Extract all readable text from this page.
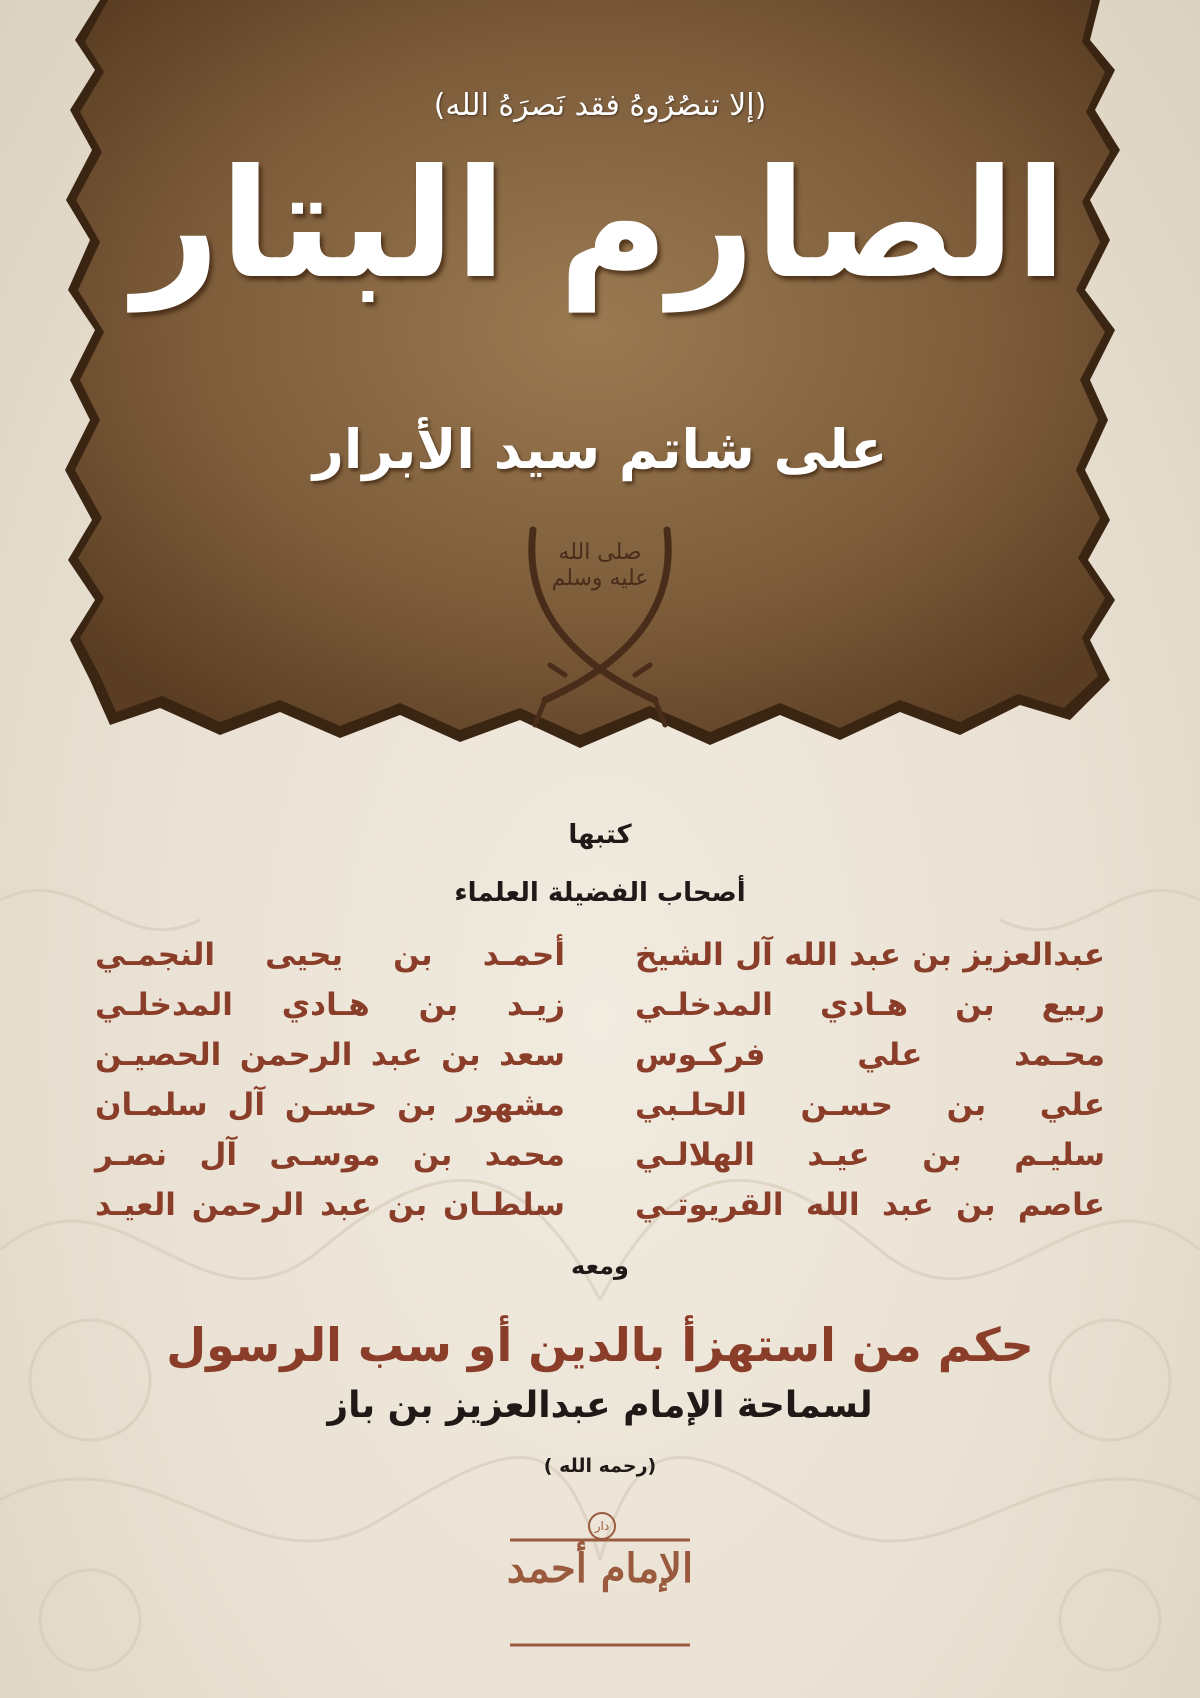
(إلا تنصُرُوهُ فقد نَصرَهُ الله)
الصارم البتار
على شاتم سيد الأبرار
صلى الله عليه وسلم
كتبها
أصحاب الفضيلة العلماء
عبدالعزيز بن عبد الله آل الشيخ
ربيع بن هـادي المدخلـي
محـمد علي فركـوس
علي بن حسـن الحلـبي
سليـم بن عيـد الهلالـي
عاصم بن عبد الله القريوتـي
أحمـد بن يحيى النجمـي
زيـد بن هـادي المدخلـي
سعد بن عبد الرحمن الحصيـن
مشهور بن حسـن آل سلمـان
محمد بن موسـى آل نصـر
سلطـان بن عبد الرحمن العيـد
ومعه
حكم من استهزأ بالدين أو سب الرسول
لسماحة الإمام عبدالعزيز بن باز
(رحمه الله )
دار
الإمام أحمد
